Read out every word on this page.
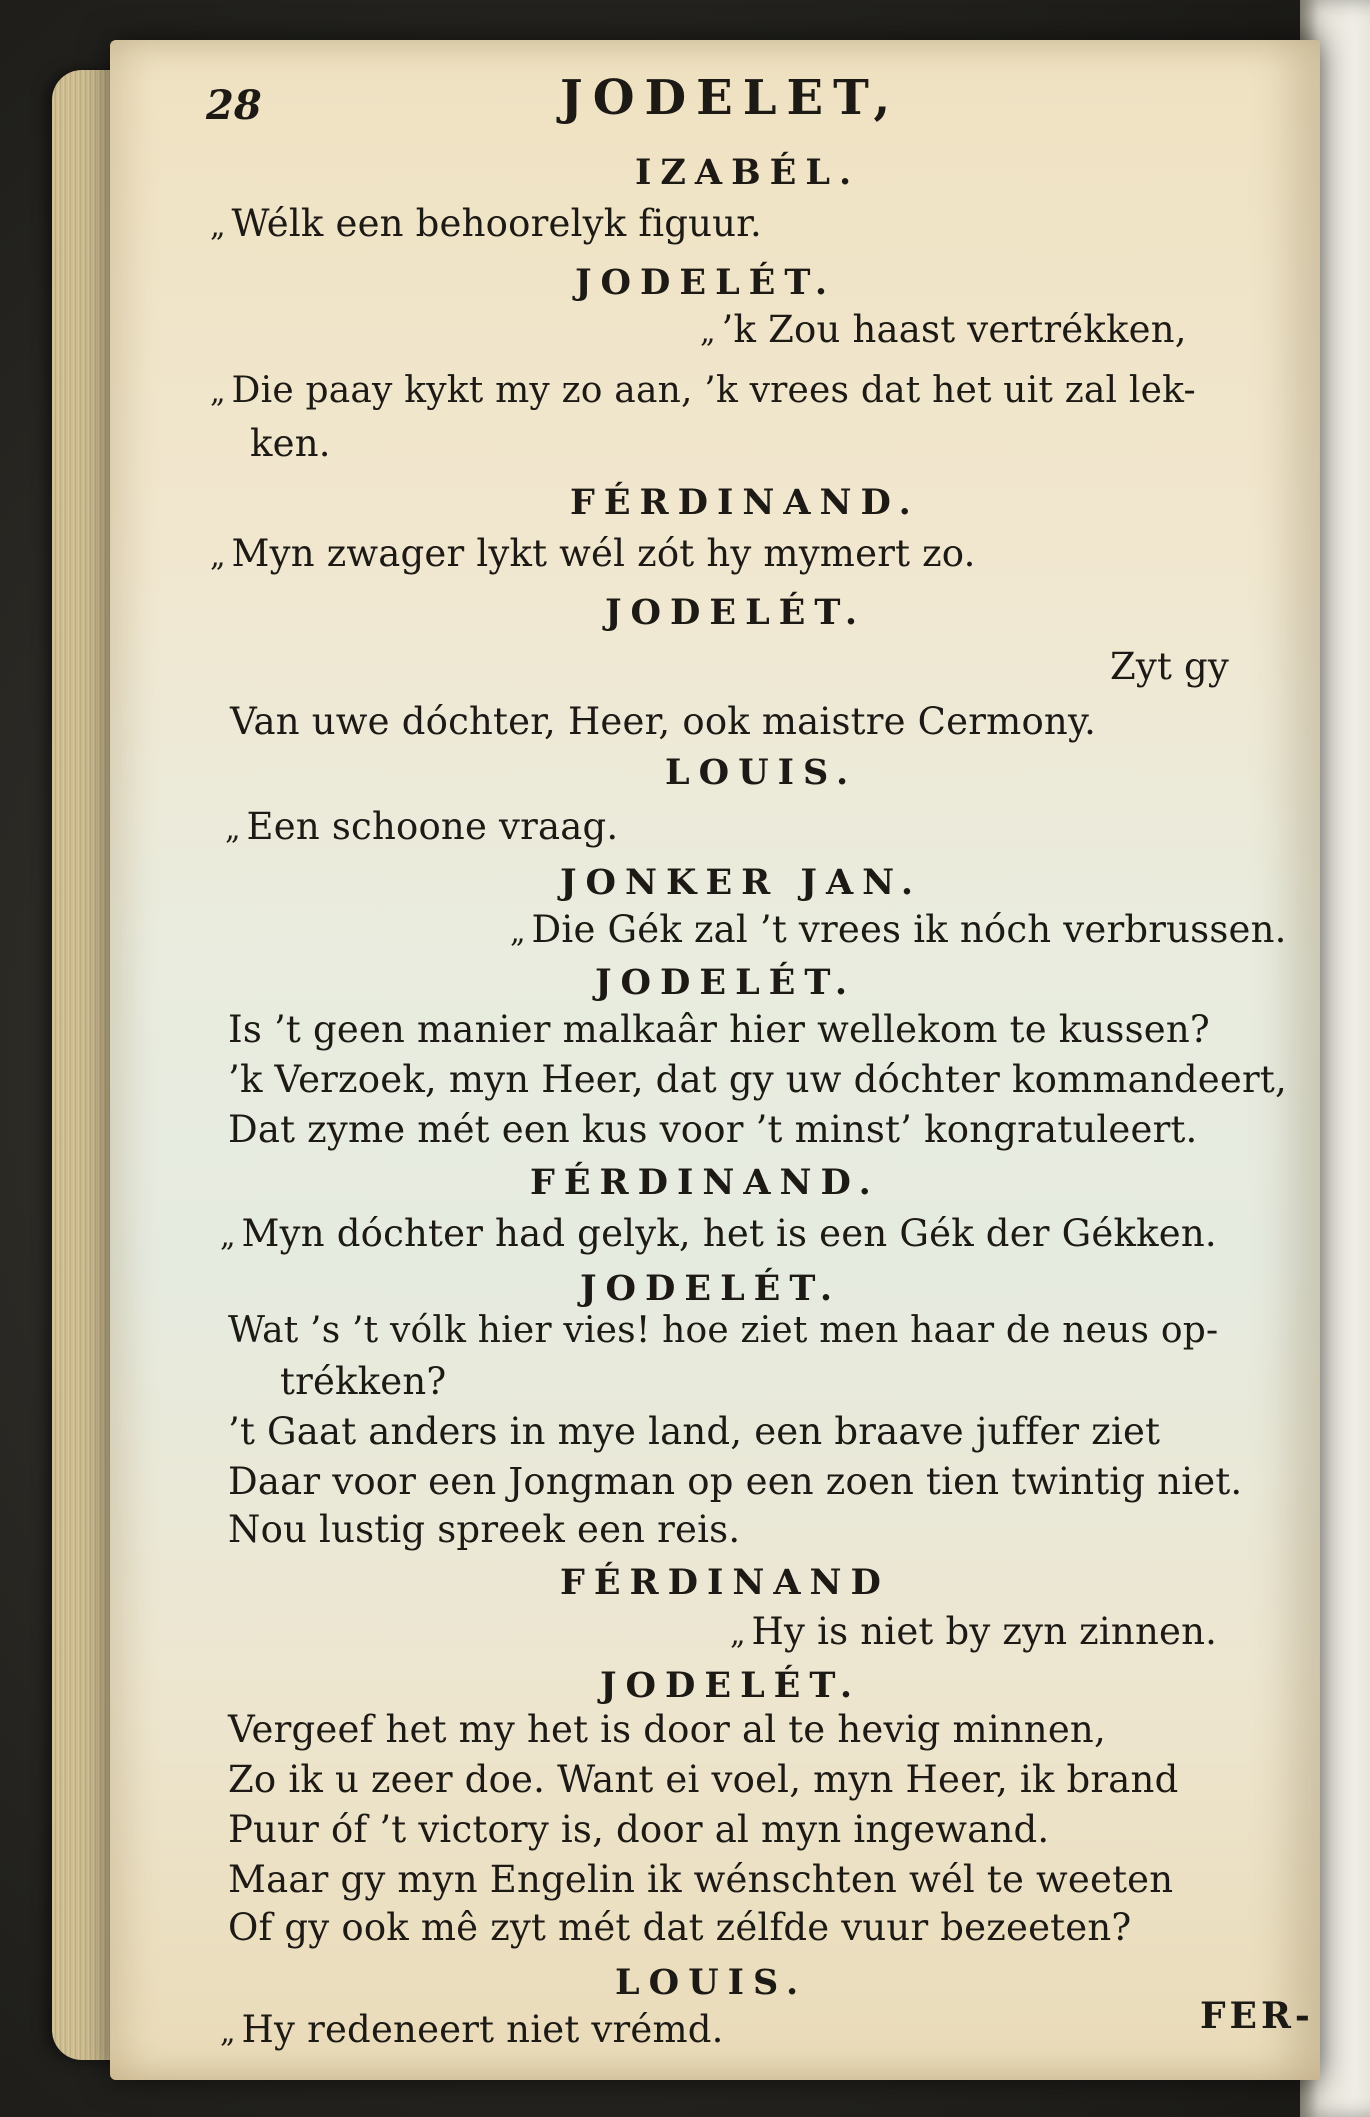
28	JODELET,
IZABÉL.
„ Wélk een behoorelyk figuur.
JODELÉT.
„ ’k Zou haast vertrékken,
„ Die paay kykt my zo aan, ’k vrees dat het uit zal lek-
ken.
FÉRDINAND.
„ Myn zwager lykt wél zót hy mymert zo.
JODELÉT.
Zyt gy
Van uwe dóchter, Heer, ook maistre Cermony.
LOUIS.
„ Een schoone vraag.
JONKER JAN.
„ Die Gék zal ’t vrees ik nóch verbrussen.
JODELÉT.
Is ’t geen manier malkaâr hier wellekom te kussen?
’k Verzoek, myn Heer, dat gy uw dóchter kommandeert,
Dat zyme mét een kus voor ’t minst’ kongratuleert.
FÉRDINAND.
„ Myn dóchter had gelyk, het is een Gék der Gékken.
JODELÉT.
Wat ’s ’t vólk hier vies! hoe ziet men haar de neus op-
trékken?
’t Gaat anders in mye land, een braave juffer ziet
Daar voor een Jongman op een zoen tien twintig niet.
Nou lustig spreek een reis.
FÉRDINAND
„ Hy is niet by zyn zinnen.
JODELÉT.
Vergeef het my het is door al te hevig minnen,
Zo ik u zeer doe. Want ei voel, myn Heer, ik brand
Puur óf ’t victory is, door al myn ingewand.
Maar gy myn Engelin ik wénschten wél te weeten
Of gy ook mê zyt mét dat zélfde vuur bezeeten?
LOUIS.
„ Hy redeneert niet vrémd.	FER-
